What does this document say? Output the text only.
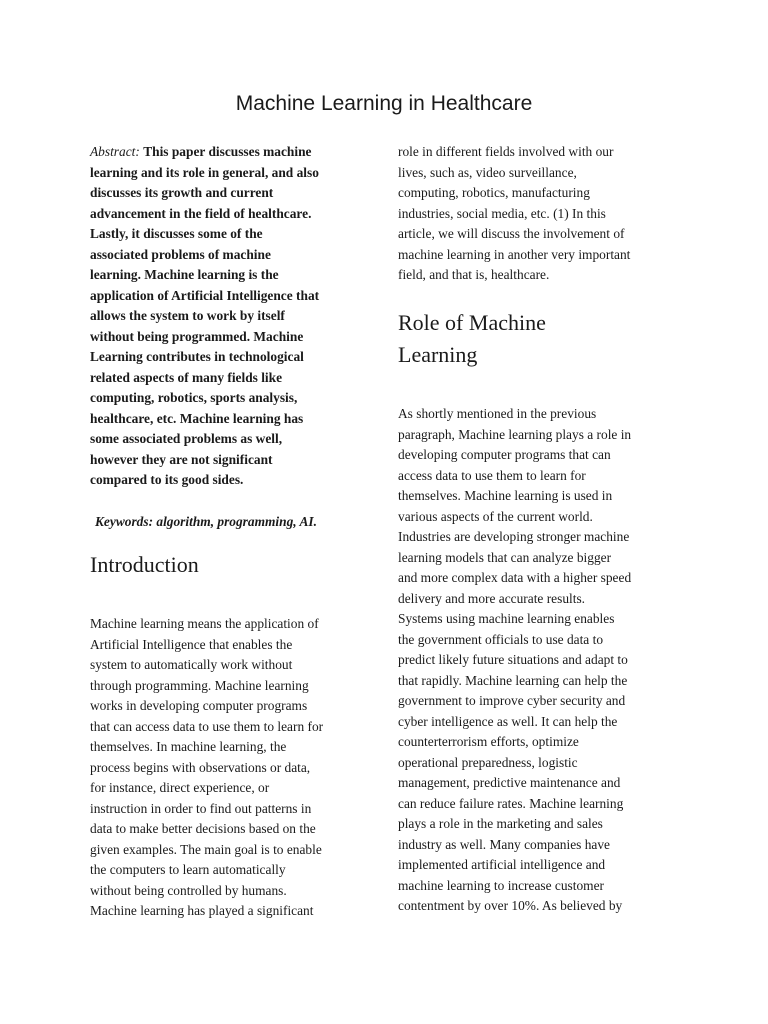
Machine Learning in Healthcare
Abstract: This paper discusses machine
learning and its role in general, and also
discusses its growth and current
advancement in the field of healthcare.
Lastly, it discusses some of the
associated problems of machine
learning. Machine learning is the
application of Artificial Intelligence that
allows the system to work by itself
without being programmed. Machine
Learning contributes in technological
related aspects of many fields like
computing, robotics, sports analysis,
healthcare, etc. Machine learning has
some associated problems as well,
however they are not significant
compared to its good sides.
Keywords: algorithm, programming, AI.
Introduction
Machine learning means the application of
Artificial Intelligence that enables the
system to automatically work without
through programming. Machine learning
works in developing computer programs
that can access data to use them to learn for
themselves. In machine learning, the
process begins with observations or data,
for instance, direct experience, or
instruction in order to find out patterns in
data to make better decisions based on the
given examples. The main goal is to enable
the computers to learn automatically
without being controlled by humans.
Machine learning has played a significant
role in different fields involved with our
lives, such as, video surveillance,
computing, robotics, manufacturing
industries, social media, etc. (1) In this
article, we will discuss the involvement of
machine learning in another very important
field, and that is, healthcare.
Role of Machine
Learning
As shortly mentioned in the previous
paragraph, Machine learning plays a role in
developing computer programs that can
access data to use them to learn for
themselves. Machine learning is used in
various aspects of the current world.
Industries are developing stronger machine
learning models that can analyze bigger
and more complex data with a higher speed
delivery and more accurate results.
Systems using machine learning enables
the government officials to use data to
predict likely future situations and adapt to
that rapidly. Machine learning can help the
government to improve cyber security and
cyber intelligence as well. It can help the
counterterrorism efforts, optimize
operational preparedness, logistic
management, predictive maintenance and
can reduce failure rates. Machine learning
plays a role in the marketing and sales
industry as well. Many companies have
implemented artificial intelligence and
machine learning to increase customer
contentment by over 10%. As believed by
